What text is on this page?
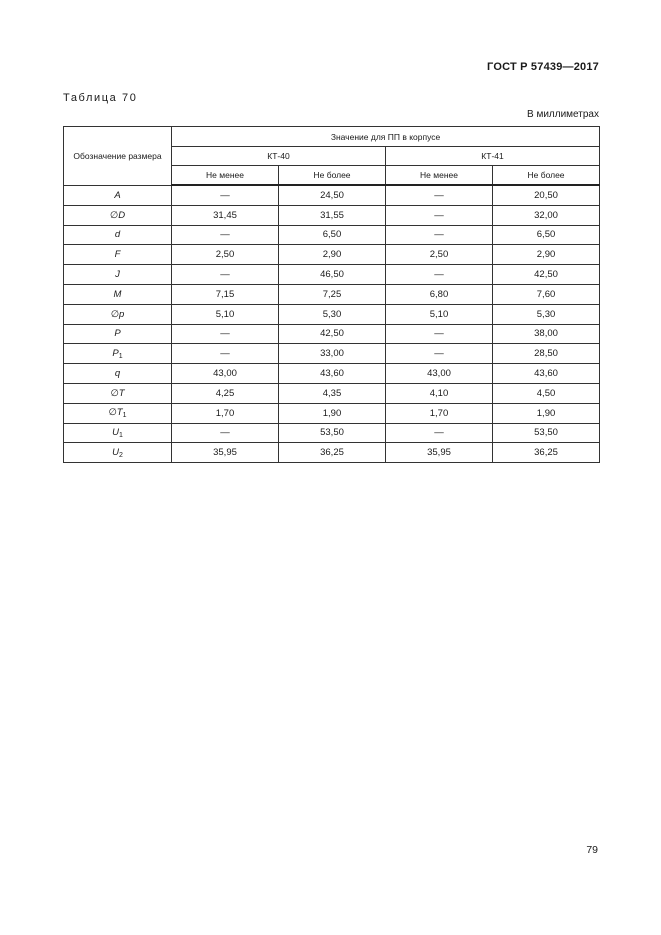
ГОСТ Р 57439—2017
Таблица 70
В миллиметрах
Обозначение размера	Значение для ПП в корпусе			
	КТ-40		КТ-41	
	Не менее	Не более	Не менее	Не более
A	—	24,50	—	20,50
∅D	31,45	31,55	—	32,00
d	—	6,50	—	6,50
F	2,50	2,90	2,50	2,90
J	—	46,50	—	42,50
M	7,15	7,25	6,80	7,60
∅p	5,10	5,30	5,10	5,30
P	—	42,50	—	38,00
$P_1$	—	33,00	—	28,50
q	43,00	43,60	43,00	43,60
∅T	4,25	4,35	4,10	4,50
$\emptyset T_1$	1,70	1,90	1,70	1,90
$U_1$	—	53,50	—	53,50
$U_2$	35,95	36,25	35,95	36,25
79
